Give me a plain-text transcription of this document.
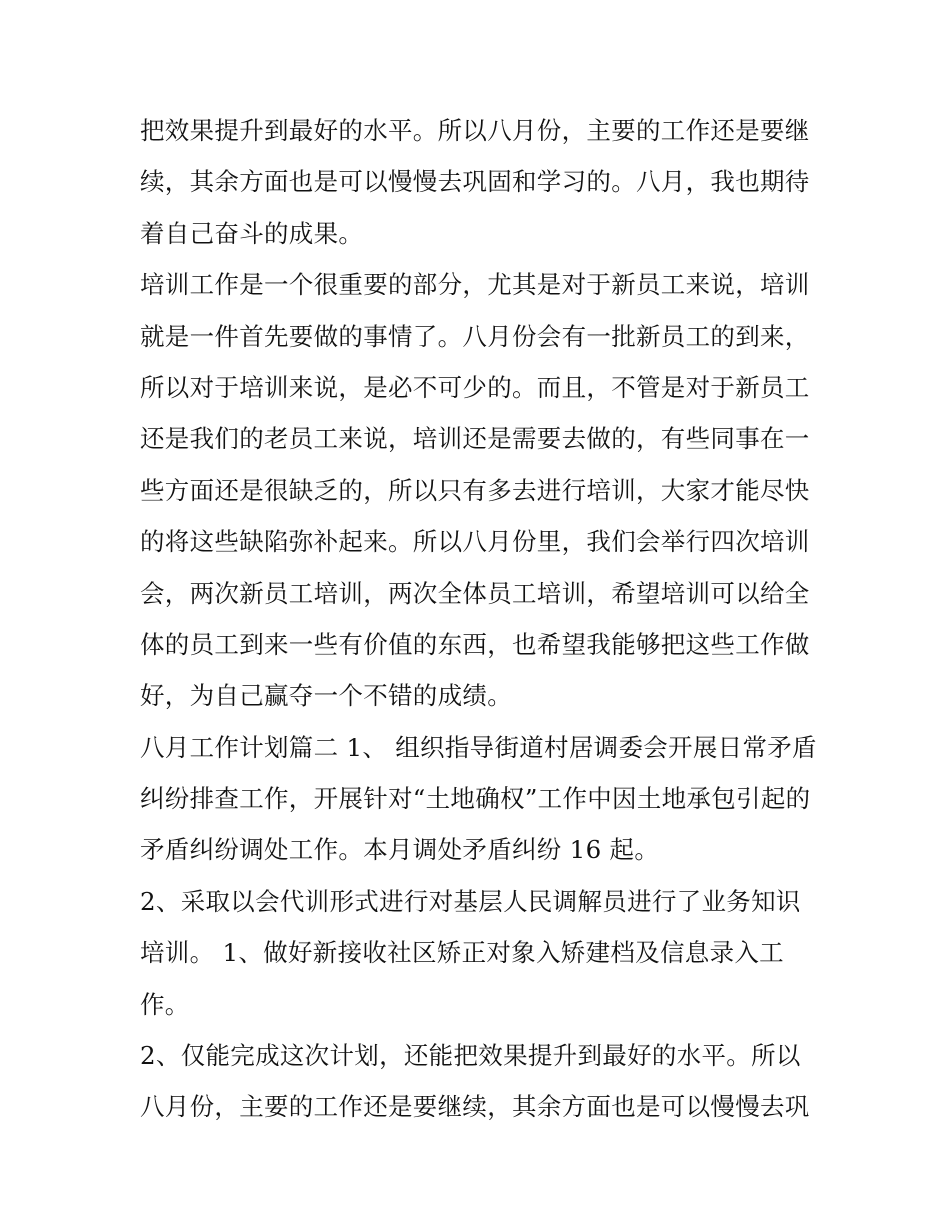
把效果提升到最好的水平。所以八月份，主要的工作还是要继
续，其余方面也是可以慢慢去巩固和学习的。八月，我也期待
着自己奋斗的成果。
培训工作是一个很重要的部分，尤其是对于新员工来说，培训
就是一件首先要做的事情了。八月份会有一批新员工的到来，
所以对于培训来说，是必不可少的。而且，不管是对于新员工
还是我们的老员工来说，培训还是需要去做的，有些同事在一
些方面还是很缺乏的，所以只有多去进行培训，大家才能尽快
的将这些缺陷弥补起来。所以八月份里，我们会举行四次培训
会，两次新员工培训，两次全体员工培训，希望培训可以给全
体的员工到来一些有价值的东西，也希望我能够把这些工作做
好，为自己赢夺一个不错的成绩。
八月工作计划篇二 1、 组织指导街道村居调委会开展日常矛盾
纠纷排查工作，开展针对“土地确权”工作中因土地承包引起的
矛盾纠纷调处工作。本月调处矛盾纠纷 16 起。
2、采取以会代训形式进行对基层人民调解员进行了业务知识
培训。 1、做好新接收社区矫正对象入矫建档及信息录入工
作。
2、仅能完成这次计划，还能把效果提升到最好的水平。所以
八月份，主要的工作还是要继续，其余方面也是可以慢慢去巩
